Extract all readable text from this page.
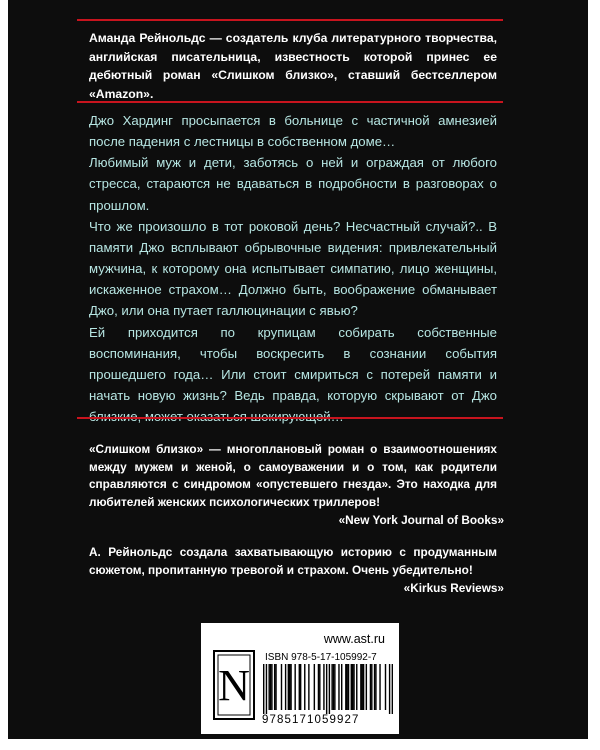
Аманда Рейнольдс — создатель клуба литературного творчества, английская писательница, известность которой принес ее дебютный роман «Слишком близко», ставший бестселлером «Amazon».

Джо Хардинг просыпается в больнице с частичной амнезией после падения с лестницы в собственном доме…

Любимый муж и дети, заботясь о ней и ограждая от любого стресса, стараются не вдаваться в подробности в разговорах о прошлом.

Что же произошло в тот роковой день? Несчастный случай?.. В памяти Джо всплывают обрывочные видения: привлекательный мужчина, к которому она испытывает симпатию, лицо женщины, искаженное страхом… Должно быть, воображение обманывает Джо, или она путает галлюцинации с явью?

Ей приходится по крупицам собирать собственные воспоминания, чтобы воскресить в сознании события прошедшего года… Или стоит смириться с потерей памяти и начать новую жизнь? Ведь правда, которую скрывают от Джо

«Слишком близко» — многоплановый роман о взаимоотношениях между мужем и женой, о самоуважении и о том, как родители справляются с синдромом «опустевшего гнезда». Это находка для любителей женских психологических триллеров!

«New York Journal of Books»

А. Рейнольдс создала захватывающую историю с продуманным сюжетом, пропитанную тревогой и страхом. Очень убедительно!

«Kirkus Reviews»

www.ast.ru
N
ISBN 978-5-17-105992-7
9785171059927
